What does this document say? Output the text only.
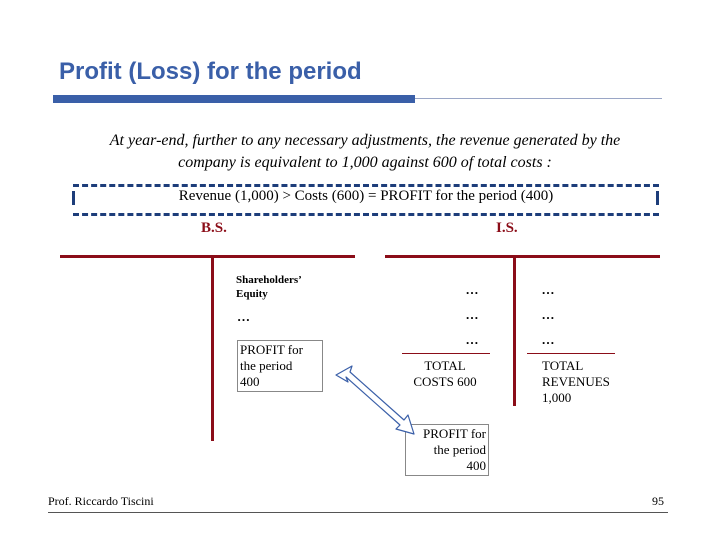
Profit (Loss) for the period
At year-end, further to any necessary adjustments, the revenue generated by the
company is equivalent to 1,000 against 600 of total costs :
Revenue (1,000) > Costs (600) = PROFIT for the period (400)
B.S.	I.S.
Shareholders’
Equity
…
PROFIT for
the period
400
…
…
…
…
…
…
TOTAL
COSTS 600
TOTAL
REVENUES
1,000
PROFIT for
the period
400
Prof. Riccardo Tiscini	95
